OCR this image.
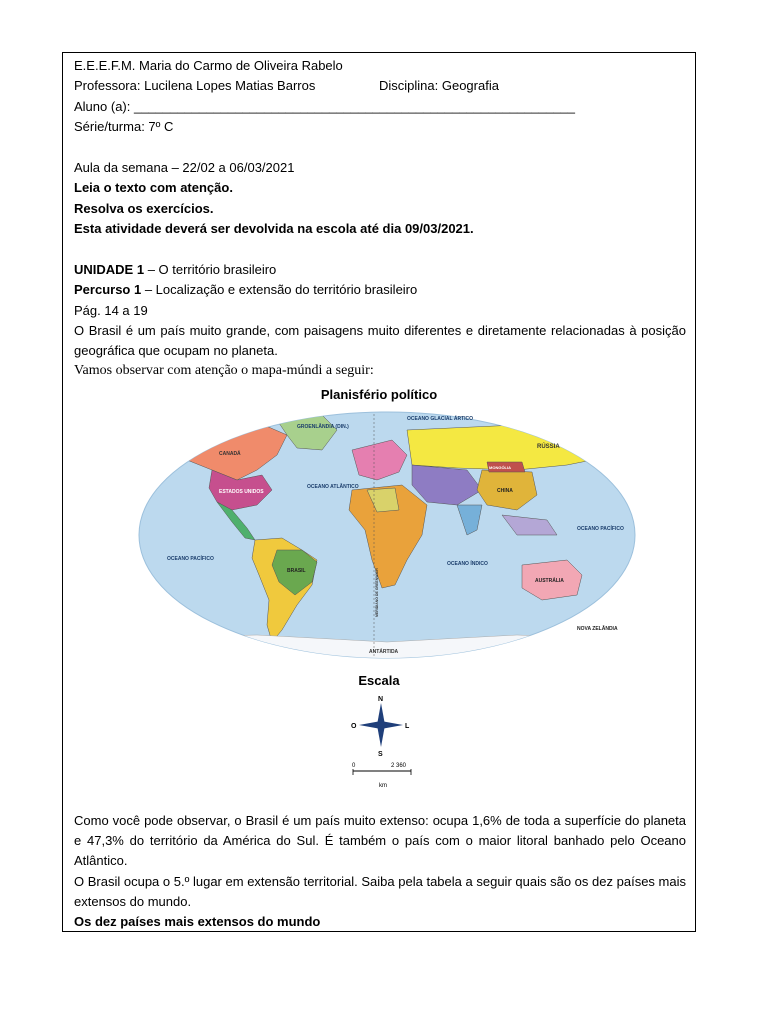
E.E.E.F.M. Maria do Carmo de Oliveira Rabelo
Professora: Lucilena Lopes Matias Barros	Disciplina: Geografia
Aluno (a): _____________________________________________________________
Série/turma: 7º C
Aula da semana – 22/02 a 06/03/2021
Leia o texto com atenção.
Resolva os exercícios.
Esta atividade deverá ser devolvida na escola até dia 09/03/2021.
UNIDADE 1 – O território brasileiro
Percurso 1 – Localização e extensão do território brasileiro
Pág. 14 a 19
O Brasil é um país muito grande, com paisagens muito diferentes e diretamente relacionadas à posição geográfica que ocupam no planeta.
Vamos observar com atenção o mapa-múndi a seguir:
Planisfério político
GROENLÂNDIA (DIN.)
OCEANO GLACIAL ÁRTICO
RÚSSIA
CANADÁ
ESTADOS UNIDOS
OCEANO ATLÂNTICO
OCEANO PACÍFICO
OCEANO PACÍFICO
OCEANO ÍNDICO
BRASIL
CHINA
MONGÓLIA
AUSTRÁLIA
NOVA ZELÂNDIA
ANTÁRTIDA
MERIDIANO DE GREENWICH
Escala
N
S
O	L
0	2 360
km
Como você pode observar, o Brasil é um país muito extenso: ocupa 1,6% de toda a superfície do planeta e 47,3% do território da América do Sul. É também o país com o maior litoral banhado pelo Oceano Atlântico.
O Brasil ocupa o 5.º lugar em extensão territorial. Saiba pela tabela a seguir quais são os dez países mais extensos do mundo.
Os dez países mais extensos do mundo
